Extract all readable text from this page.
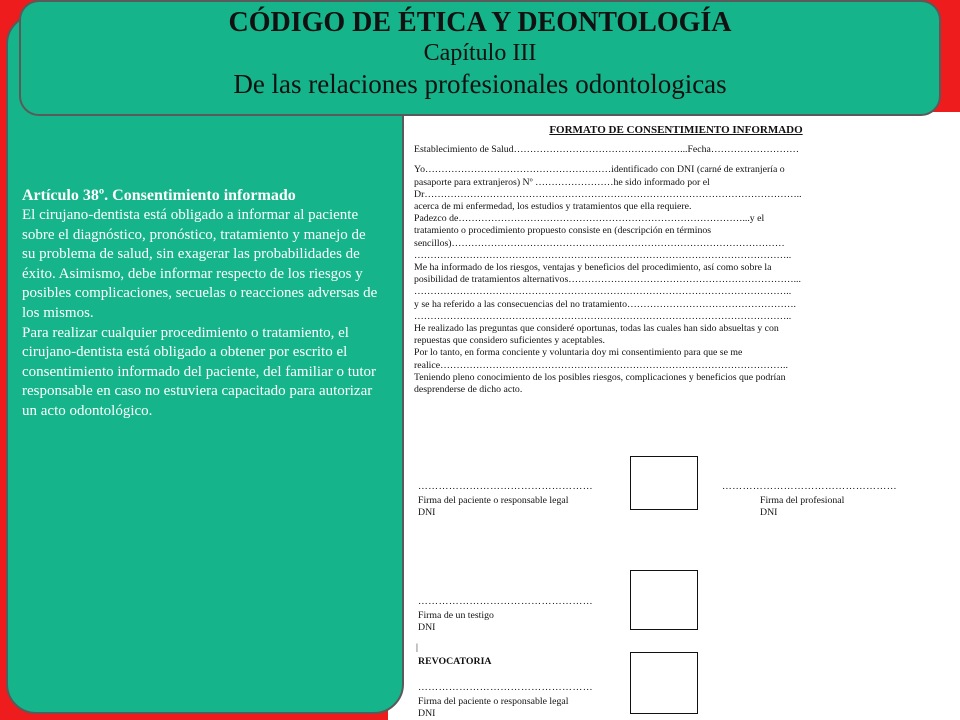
CÓDIGO DE ÉTICA Y DEONTOLOGÍA
Capítulo III
De las relaciones profesionales odontologicas
Artículo 38º. Consentimiento informado

El cirujano-dentista está obligado a informar al paciente sobre el diagnóstico, pronóstico, tratamiento y manejo de su problema de salud, sin exagerar las probabilidades de éxito. Asimismo, debe informar respecto de los riesgos y posibles complicaciones, secuelas o reacciones adversas de los mismos.

Para realizar cualquier procedimiento o tratamiento, el cirujano-dentista está obligado a obtener por escrito el consentimiento informado del paciente, del familiar o tutor responsable en caso no estuviera capacitado para autorizar un acto odontológico.

FORMATO DE CONSENTIMIENTO INFORMADO
Establecimiento de Salud……………………………………………...Fecha………………………
Yo…………………………………………………identificado con DNI (carné de extranjería o
pasaporte para extranjeros) Nº ……………………he sido informado por el
Dr……………………………………………………………………………………………………..
acerca de mi enfermedad, los estudios y tratamientos que ella requiere.
Padezco de……………………………………………………………………………...y el
tratamiento o procedimiento propuesto consiste en (descripción en términos
sencillos)…………………………………………………………………………………………
……………………………………………………………………………………………………..
Me ha informado de los riesgos, ventajas y beneficios del procedimiento, así como sobre la
posibilidad de tratamientos alternativos……………………………………………………………...
……………………………………………………………………………………………………..
y se ha referido a las consecuencias del no tratamiento…………………………………………….
……………………………………………………………………………………………………..
He realizado las preguntas que consideré oportunas, todas las cuales han sido absueltas y con
repuestas que considero suficientes y aceptables.
Por lo tanto, en forma conciente y voluntaria doy mi consentimiento para que se me
realice……………………………………………………………………………………………..
Teniendo pleno conocimiento de los posibles riesgos, complicaciones y beneficios que podrían
desprenderse de dicho acto.
……………………………………………	……………………………………………
Firma del paciente o responsable legal
DNI
Firma del profesional
DNI
……………………………………………
Firma de un testigo
DNI
|
REVOCATORIA
……………………………………………
Firma del paciente o responsable legal
DNI
